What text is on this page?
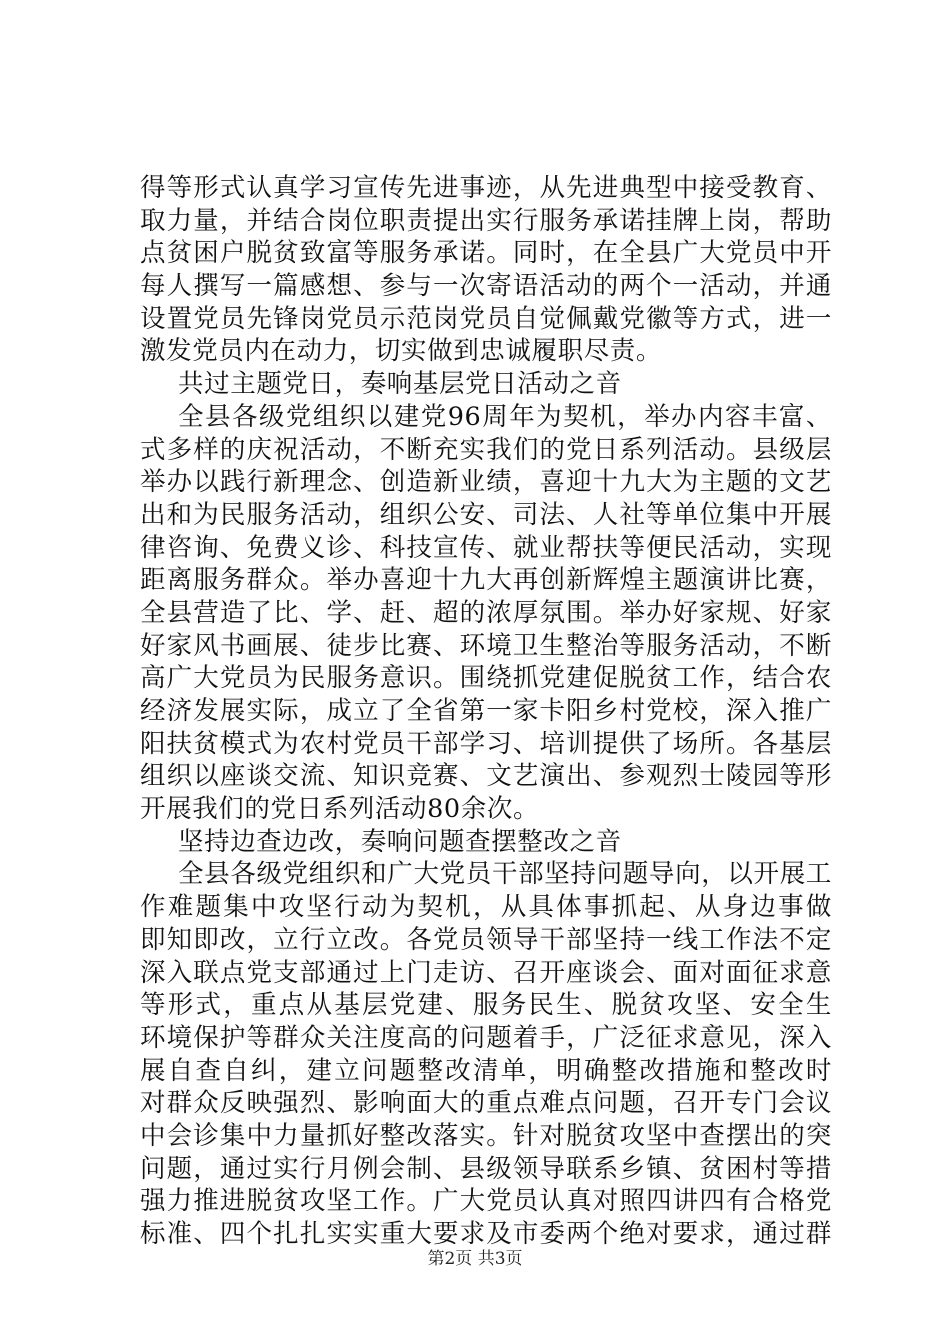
得等形式认真学习宣传先进事迹，从先进典型中接受教育、
取力量，并结合岗位职责提出实行服务承诺挂牌上岗，帮助
点贫困户脱贫致富等服务承诺。同时，在全县广大党员中开
每人撰写一篇感想、参与一次寄语活动的两个一活动，并通
设置党员先锋岗党员示范岗党员自觉佩戴党徽等方式，进一
激发党员内在动力，切实做到忠诚履职尽责。
共过主题党日，奏响基层党日活动之音
全县各级党组织以建党96周年为契机，举办内容丰富、
式多样的庆祝活动，不断充实我们的党日系列活动。县级层
举办以践行新理念、创造新业绩，喜迎十九大为主题的文艺
出和为民服务活动，组织公安、司法、人社等单位集中开展
律咨询、免费义诊、科技宣传、就业帮扶等便民活动，实现
距离服务群众。举办喜迎十九大再创新辉煌主题演讲比赛，
全县营造了比、学、赶、超的浓厚氛围。举办好家规、好家
好家风书画展、徒步比赛、环境卫生整治等服务活动，不断
高广大党员为民服务意识。围绕抓党建促脱贫工作，结合农
经济发展实际，成立了全省第一家卡阳乡村党校，深入推广
阳扶贫模式为农村党员干部学习、培训提供了场所。各基层
组织以座谈交流、知识竞赛、文艺演出、参观烈士陵园等形
开展我们的党日系列活动80余次。
坚持边查边改，奏响问题查摆整改之音
全县各级党组织和广大党员干部坚持问题导向，以开展工
作难题集中攻坚行动为契机，从具体事抓起、从身边事做
即知即改，立行立改。各党员领导干部坚持一线工作法不定
深入联点党支部通过上门走访、召开座谈会、面对面征求意
等形式，重点从基层党建、服务民生、脱贫攻坚、安全生
环境保护等群众关注度高的问题着手，广泛征求意见，深入
展自查自纠，建立问题整改清单，明确整改措施和整改时
对群众反映强烈、影响面大的重点难点问题，召开专门会议
中会诊集中力量抓好整改落实。针对脱贫攻坚中查摆出的突
问题，通过实行月例会制、县级领导联系乡镇、贫困村等措
强力推进脱贫攻坚工作。广大党员认真对照四讲四有合格党
标准、四个扎扎实实重大要求及市委两个绝对要求，通过群
第2页 共3页
